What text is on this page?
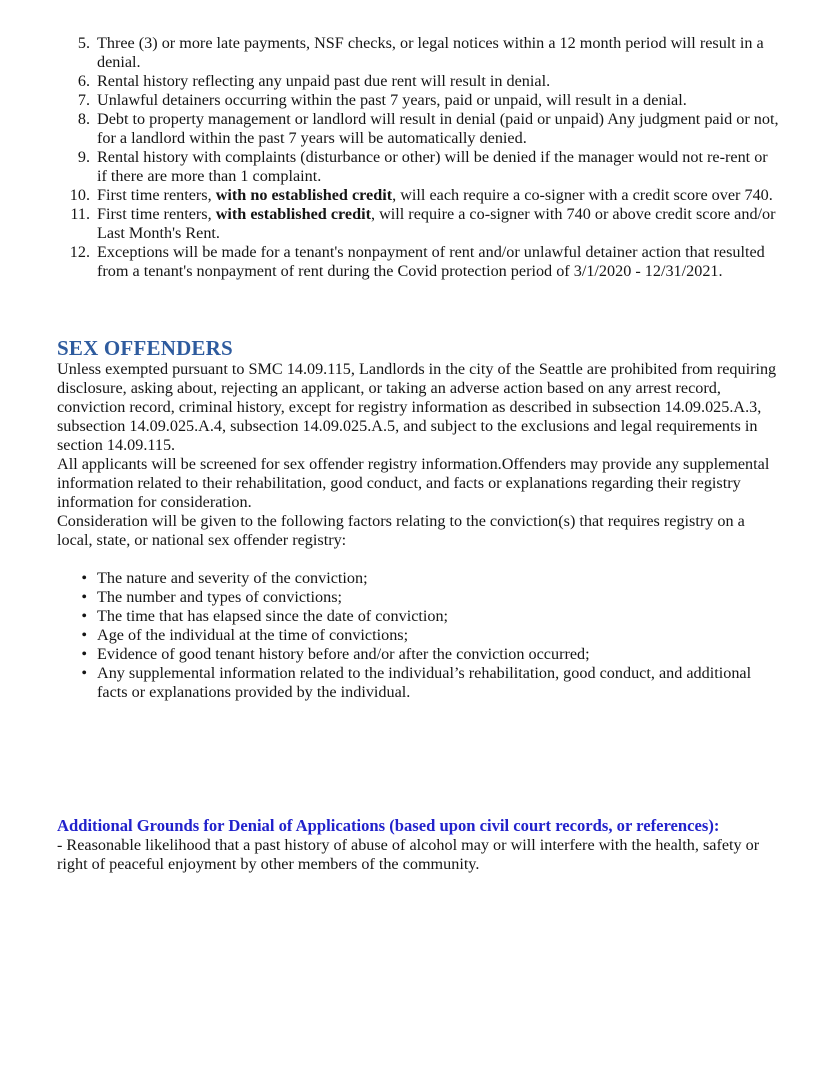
5. Three (3) or more late payments, NSF checks, or legal notices within a 12 month period will result in a denial.
6. Rental history reflecting any unpaid past due rent will result in denial.
7. Unlawful detainers occurring within the past 7 years, paid or unpaid, will result in a denial.
8. Debt to property management or landlord will result in denial (paid or unpaid) Any judgment paid or not, for a landlord within the past 7 years will be automatically denied.
9. Rental history with complaints (disturbance or other) will be denied if the manager would not re-rent or if there are more than 1 complaint.
10. First time renters, with no established credit, will each require a co-signer with a credit score over 740.
11. First time renters, with established credit, will require a co-signer with 740 or above credit score and/or Last Month's Rent.
12. Exceptions will be made for a tenant's nonpayment of rent and/or unlawful detainer action that resulted from a tenant's nonpayment of rent during the Covid protection period of 3/1/2020 - 12/31/2021.
SEX OFFENDERS

Unless exempted pursuant to SMC 14.09.115, Landlords in the city of the Seattle are prohibited from requiring disclosure, asking about, rejecting an applicant, or taking an adverse action based on any arrest record, conviction record, criminal history, except for registry information as described in subsection 14.09.025.A.3, subsection 14.09.025.A.4, subsection 14.09.025.A.5, and subject to the exclusions and legal requirements in section 14.09.115.

All applicants will be screened for sex offender registry information.Offenders may provide any supplemental information related to their rehabilitation, good conduct, and facts or explanations regarding their registry information for consideration.

Consideration will be given to the following factors relating to the conviction(s) that requires registry on a local, state, or national sex offender registry:

• The nature and severity of the conviction;
• The number and types of convictions;
• The time that has elapsed since the date of conviction;
• Age of the individual at the time of convictions;
• Evidence of good tenant history before and/or after the conviction occurred;
• Any supplemental information related to the individual’s rehabilitation, good conduct, and additional facts or explanations provided by the individual.
Additional Grounds for Denial of Applications (based upon civil court records, or references):

- Reasonable likelihood that a past history of abuse of alcohol may or will interfere with the health, safety or right of peaceful enjoyment by other members of the community.
